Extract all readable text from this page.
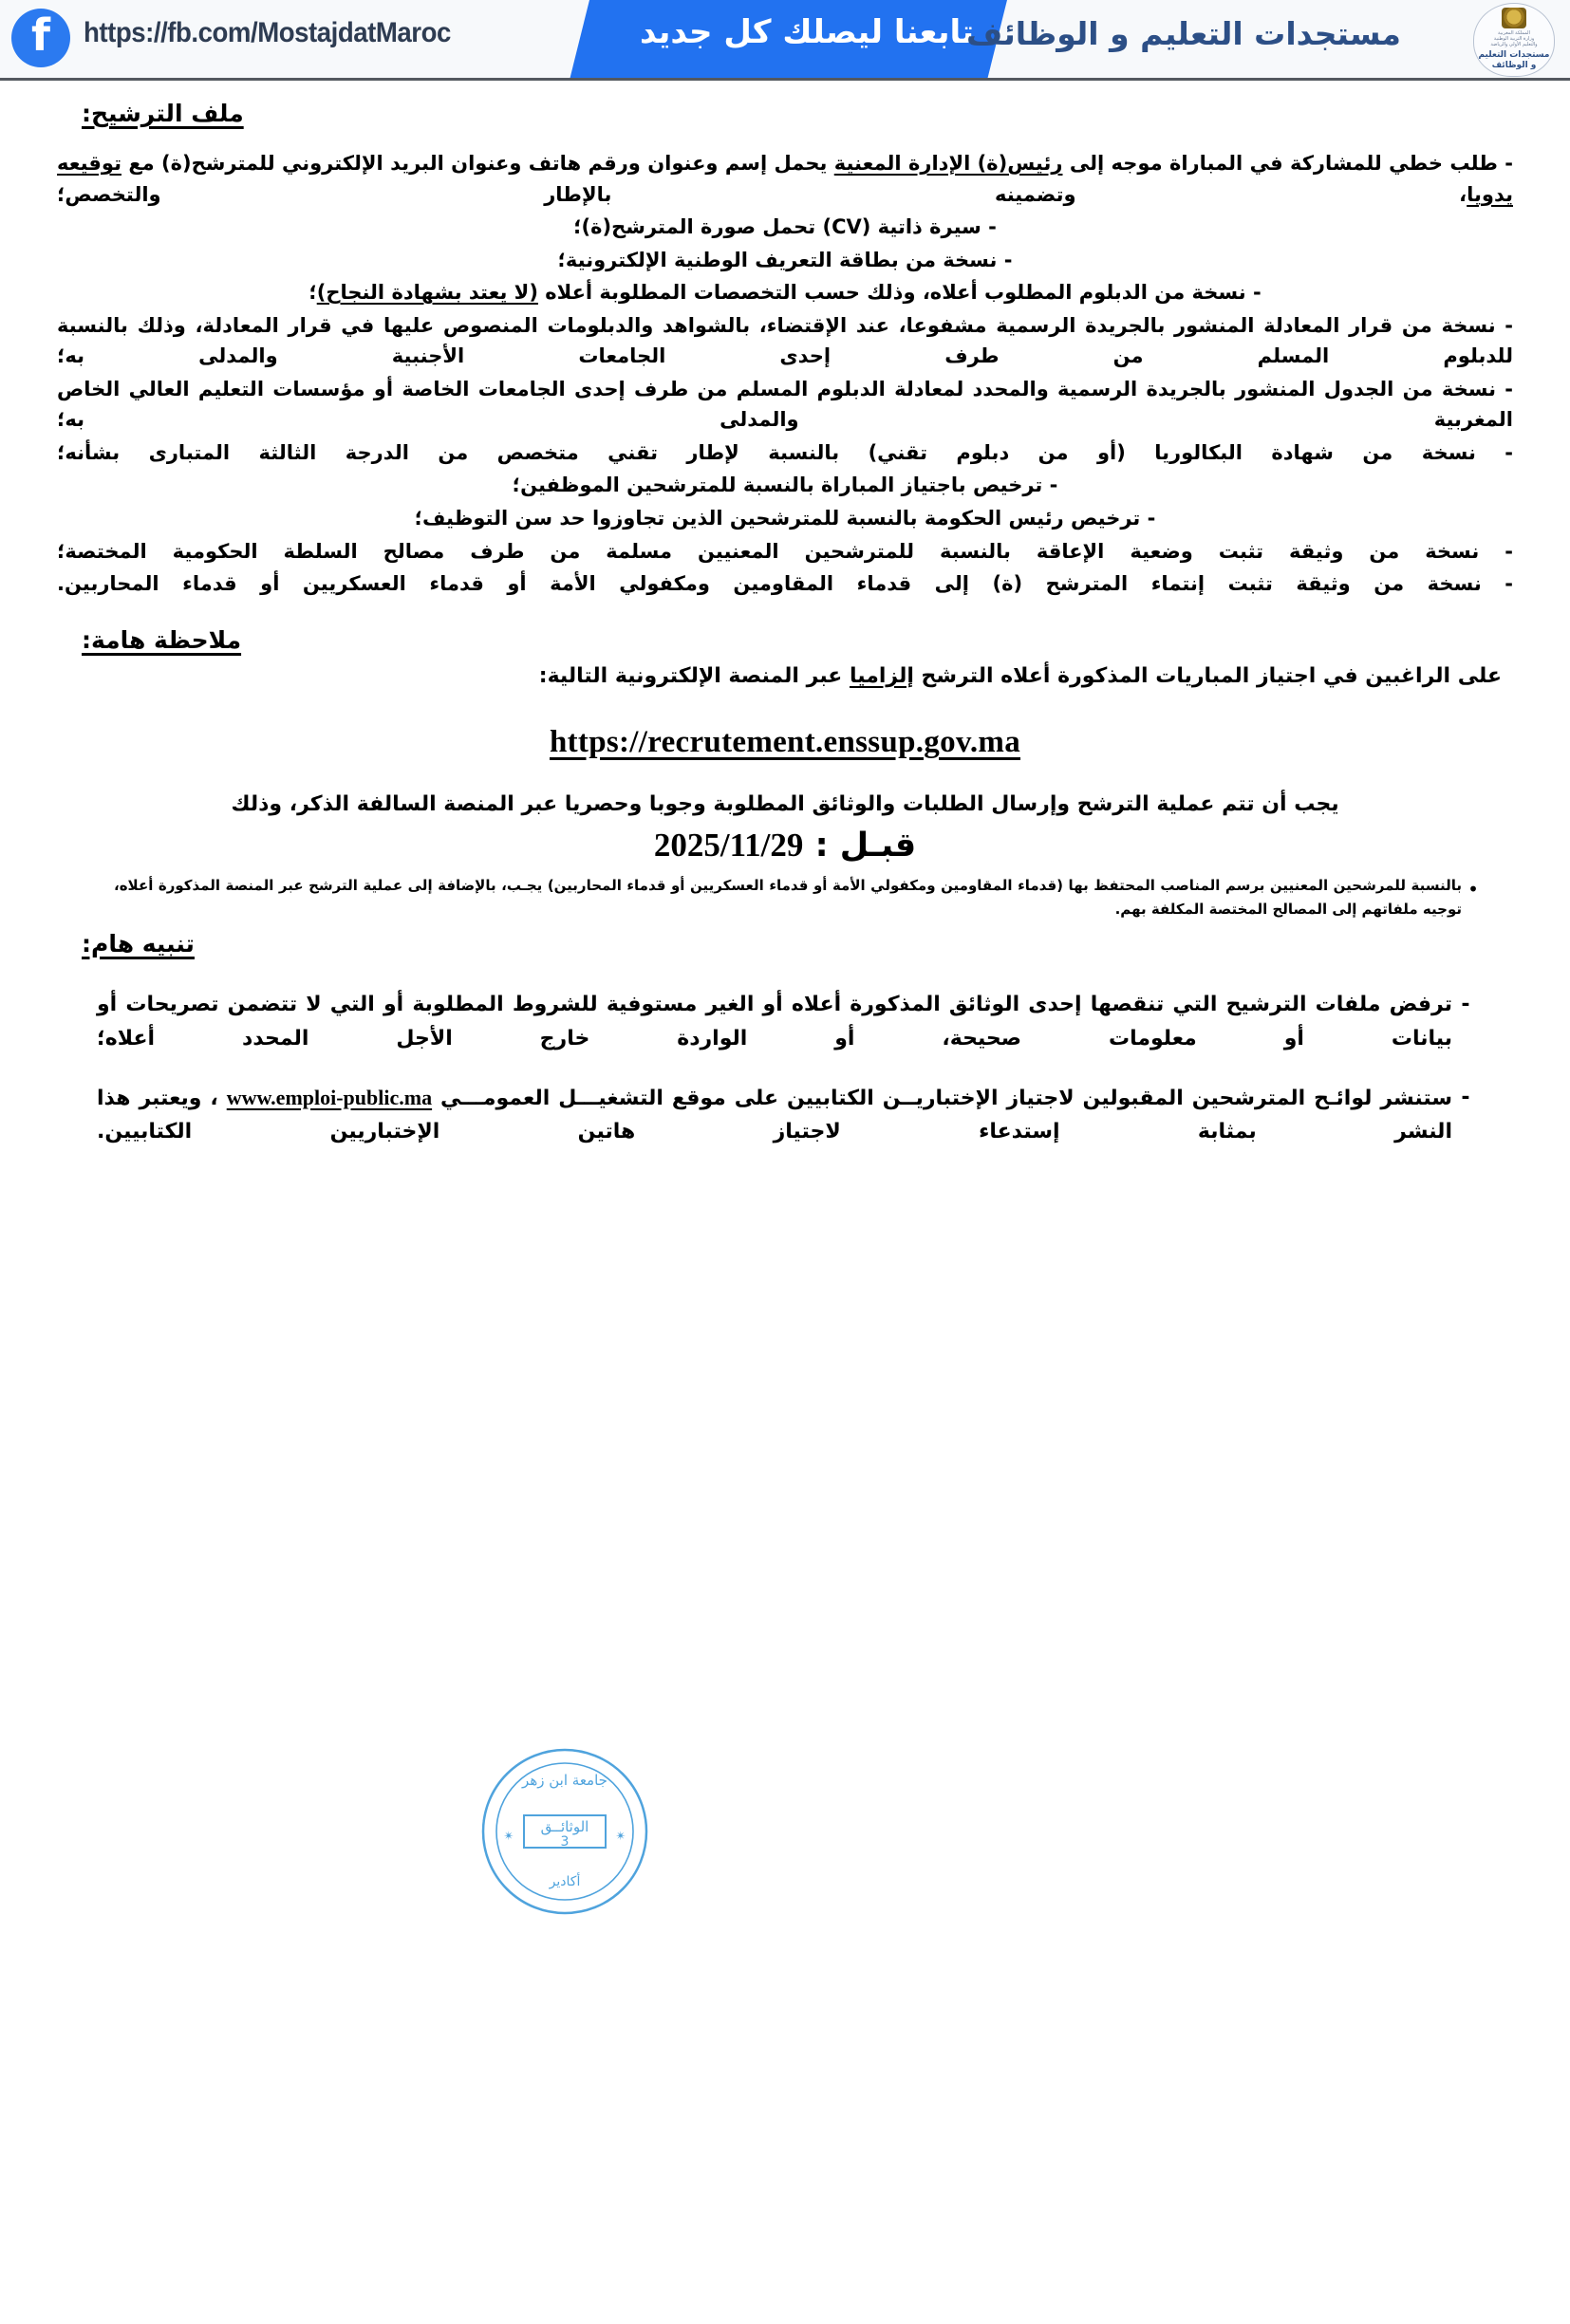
f https://fb.com/MostajdatMaroc	تابعنا ليصلك كل جديد
مستجدات التعليم و الوظائف	المملكة المغربية
وزارة التربية الوطنية
والتعليم الأولي والرياضة
مستجدات التعليم
و الوظائف
ملف الترشيح:

- طلب خطي للمشاركة في المباراة موجه إلى رئيس(ة) الإدارة المعنية يحمل إسم وعنوان ورقم هاتف وعنوان البريد الإلكتروني للمترشح(ة) مع توقيعه يدويا، وتضمينه بالإطار والتخصص؛

- سيرة ذاتية (CV) تحمل صورة المترشح(ة)؛

- نسخة من بطاقة التعريف الوطنية الإلكترونية؛

- نسخة من الدبلوم المطلوب أعلاه، وذلك حسب التخصصات المطلوبة أعلاه (لا يعتد بشهادة النجاح)؛

- نسخة من قرار المعادلة المنشور بالجريدة الرسمية مشفوعا، عند الإقتضاء، بالشواهد والدبلومات المنصوص عليها في قرار المعادلة، وذلك بالنسبة للدبلوم المسلم من طرف إحدى الجامعات الأجنبية والمدلى به؛

- نسخة من الجدول المنشور بالجريدة الرسمية والمحدد لمعادلة الدبلوم المسلم من طرف إحدى الجامعات الخاصة أو مؤسسات التعليم العالي الخاص المغربية والمدلى به؛

- نسخة من شهادة البكالوريا (أو من دبلوم تقني) بالنسبة لإطار تقني متخصص من الدرجة الثالثة المتبارى بشأنه؛

- ترخيص باجتياز المباراة بالنسبة للمترشحين الموظفين؛

- ترخيص رئيس الحكومة بالنسبة للمترشحين الذين تجاوزوا حد سن التوظيف؛

- نسخة من وثيقة تثبت وضعية الإعاقة بالنسبة للمترشحين المعنيين مسلمة من طرف مصالح السلطة الحكومية المختصة؛

- نسخة من وثيقة تثبت إنتماء المترشح (ة) إلى قدماء المقاومين ومكفولي الأمة أو قدماء العسكريين أو قدماء المحاربين.

ملاحظة هامة:
على الراغبين في اجتياز المباريات المذكورة أعلاه الترشح إلزاميا عبر المنصة الإلكترونية التالية:
https://recrutement.enssup.gov.ma
يجب أن تتم عملية الترشح وإرسال الطلبات والوثائق المطلوبة وجوبا وحصريا عبر المنصة السالفة الذكر، وذلك
قبـل : 2025/11/29
•
بالنسبة للمرشحين المعنيين برسم المناصب المحتفظ بها (قدماء المقاومين ومكفولي الأمة أو قدماء العسكريين أو قدماء المحاربين) يجـب، بالإضافة إلى عملية الترشح عبر المنصة المذكورة أعلاه، توجيه ملفاتهم إلى المصالح المختصة المكلفة بهم.
تنبيه هام:
-
ترفض ملفات الترشيح التي تنقصها إحدى الوثائق المذكورة أعلاه أو الغير مستوفية للشروط المطلوبة أو التي لا تتضمن تصريحات أو بيانات أو معلومات صحيحة، أو الواردة خارج الأجل المحدد أعلاه؛
-
ستنشر لوائـح المترشحين المقبولين لاجتياز الإختباريــن الكتابيين على موقع التشغيـــل العمومـــي www.emploi-public.ma ، ويعتبر هذا النشر بمثابة إستدعاء لاجتياز هاتين الإختباريين الكتابيين.
جامعة ابن زهر
الوثائــق
3
أكادير
✴	✴
